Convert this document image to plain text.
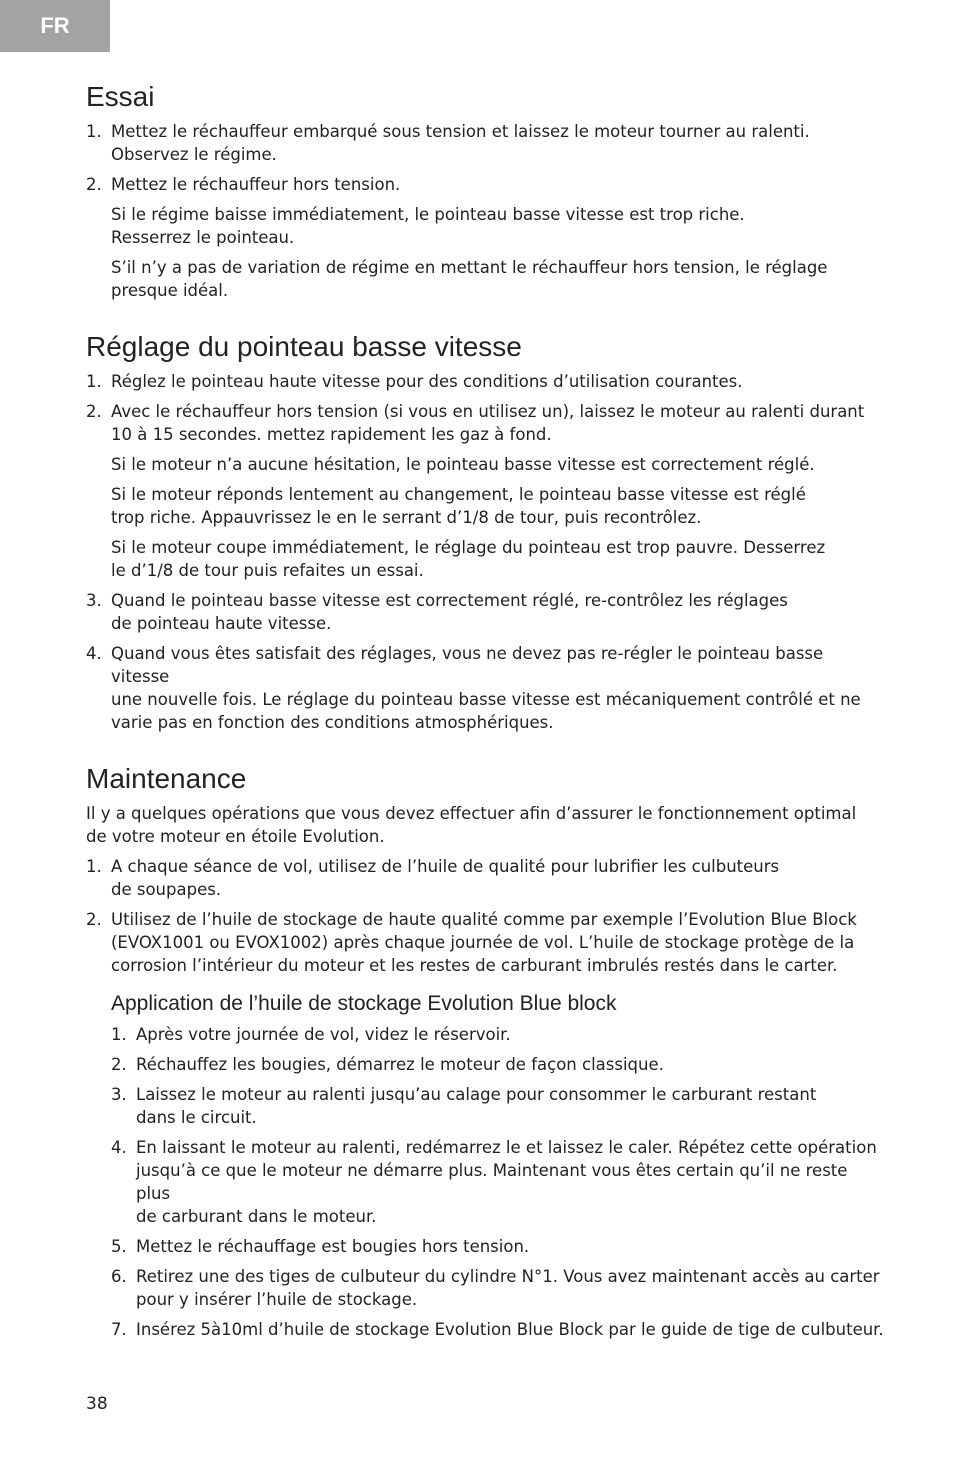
FR
Essai
1. Mettez le réchauffeur embarqué sous tension et laissez le moteur tourner au ralenti.
Observez le régime.
2. Mettez le réchauffeur hors tension.
Si le régime baisse immédiatement, le pointeau basse vitesse est trop riche.
Resserrez le pointeau.
S’il n’y a pas de variation de régime en mettant le réchauffeur hors tension, le réglage
presque idéal.
Réglage du pointeau basse vitesse
1. Réglez le pointeau haute vitesse pour des conditions d’utilisation courantes.
2. Avec le réchauffeur hors tension (si vous en utilisez un), laissez le moteur au ralenti durant
10 à 15 secondes. mettez rapidement les gaz à fond.
Si le moteur n’a aucune hésitation, le pointeau basse vitesse est correctement réglé.
Si le moteur réponds lentement au changement, le pointeau basse vitesse est réglé
trop riche. Appauvrissez le en le serrant d’1/8 de tour, puis recontrôlez.
Si le moteur coupe immédiatement, le réglage du pointeau est trop pauvre. Desserrez
le d’1/8 de tour puis refaites un essai.
3. Quand le pointeau basse vitesse est correctement réglé, re-contrôlez les réglages
de pointeau haute vitesse.
4. Quand vous êtes satisfait des réglages, vous ne devez pas re-régler le pointeau basse vitesse
une nouvelle fois. Le réglage du pointeau basse vitesse est mécaniquement contrôlé et ne
varie pas en fonction des conditions atmosphériques.
Maintenance
Il y a quelques opérations que vous devez effectuer afin d’assurer le fonctionnement optimal
de votre moteur en étoile Evolution.
1. A chaque séance de vol, utilisez de l’huile de qualité pour lubrifier les culbuteurs
de soupapes.
2. Utilisez de l’huile de stockage de haute qualité comme par exemple l’Evolution Blue Block
(EVOX1001 ou EVOX1002) après chaque journée de vol. L’huile de stockage protège de la
corrosion l’intérieur du moteur et les restes de carburant imbrulés restés dans le carter.
Application de l’huile de stockage Evolution Blue block
1. Après votre journée de vol, videz le réservoir.
2. Réchauffez les bougies, démarrez le moteur de façon classique.
3. Laissez le moteur au ralenti jusqu’au calage pour consommer le carburant restant
dans le circuit.
4. En laissant le moteur au ralenti, redémarrez le et laissez le caler. Répétez cette opération
jusqu’à ce que le moteur ne démarre plus. Maintenant vous êtes certain qu’il ne reste plus
de carburant dans le moteur.
5. Mettez le réchauffage est bougies hors tension.
6. Retirez une des tiges de culbuteur du cylindre N°1. Vous avez maintenant accès au carter
pour y insérer l’huile de stockage.
7. Insérez 5à10ml d’huile de stockage Evolution Blue Block par le guide de tige de culbuteur.
38
